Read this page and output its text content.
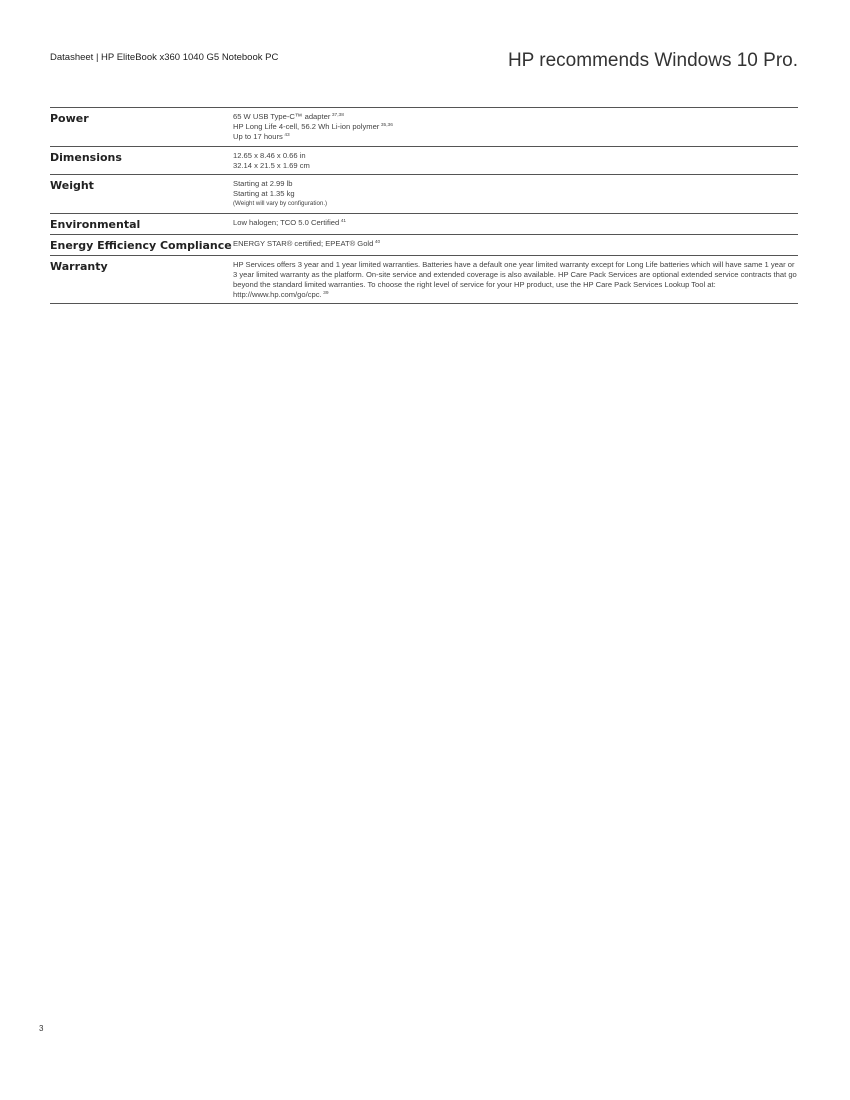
Datasheet | HP EliteBook x360 1040 G5 Notebook PC	HP recommends Windows 10 Pro.
Power	65 W USB Type-C™ adapter  $^{37,38}$
HP Long Life 4-cell, 56.2 Wh Li-ion polymer  $^{35,36}$
Up to 17 hours  $^{43}$
Dimensions	12.65 x 8.46 x 0.66 in
32.14 x 21.5 x 1.69 cm
Weight	Starting at 2.99 lb
Starting at 1.35 kg
(Weight will vary by configuration.)
Environmental	Low halogen; TCO 5.0 Certified  $^{41}$
Energy Efficiency Compliance ENERGY STAR® certified; EPEAT® Gold  $^{40}$
Warranty	HP Services offers 3 year and 1 year limited warranties. Batteries have a default one year limited warranty except for Long Life batteries which will have same 1 year or 3 year limited warranty as the platform. On-site service and extended coverage is also available. HP Care Pack Services are optional extended service contracts that go beyond the standard limited warranties. To choose the right level of service for your HP product, use the HP Care Pack Services Lookup Tool at: http://www.hp.com/go/cpc.  $^{39}$
3
